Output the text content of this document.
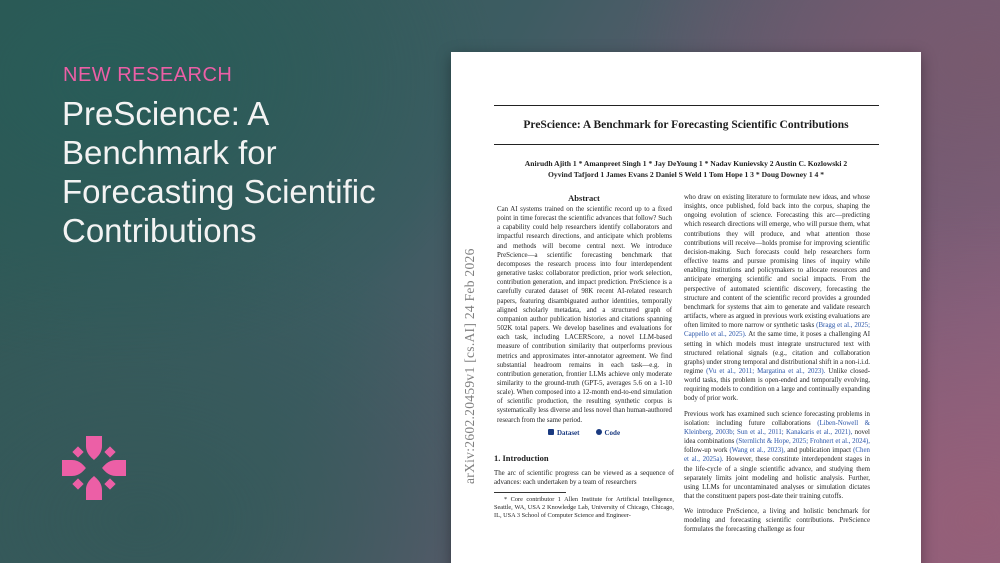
NEW RESEARCH
PreScience: A Benchmark for Forecasting Scientific Contributions
PreScience: A Benchmark for Forecasting Scientific Contributions
Anirudh Ajith 1 * Amanpreet Singh 1 * Jay DeYoung 1 * Nadav Kunievsky 2 Austin C. Kozlowski 2
Oyvind Tafjord 1 James Evans 2 Daniel S Weld 1 Tom Hope 1 3 * Doug Downey 1 4 *
arXiv:2602.20459v1 [cs.AI] 24 Feb 2026
Abstract
Can AI systems trained on the scientific record up to a fixed point in time forecast the scientific advances that follow? Such a capability could help researchers identify collaborators and impactful research directions, and anticipate which problems and methods will become central next. We introduce PreScience—a scientific forecasting benchmark that decomposes the research process into four interdependent generative tasks: collaborator prediction, prior work selection, contribution generation, and impact prediction. PreScience is a carefully curated dataset of 98K recent AI-related research papers, featuring disambiguated author identities, temporally aligned scholarly metadata, and a structured graph of companion author publication histories and citations spanning 502K total papers. We develop baselines and evaluations for each task, including LACERScore, a novel LLM-based measure of contribution similarity that outperforms previous metrics and approximates inter-annotator agreement. We find substantial headroom remains in each task—e.g. in contribution generation, frontier LLMs achieve only moderate similarity to the ground-truth (GPT-5, averages 5.6 on a 1-10 scale). When composed into a 12-month end-to-end simulation of scientific production, the resulting synthetic corpus is systematically less diverse and less novel than human-authored research from the same period.
Dataset	Code
1. Introduction
The arc of scientific progress can be viewed as a sequence of advances: each undertaken by a team of researchers
* Core contributor 1 Allen Institute for Artificial Intelligence, Seattle, WA, USA 2 Knowledge Lab, University of Chicago, Chicago, IL, USA 3 School of Computer Science and Engineer-

who draw on existing literature to formulate new ideas, and whose insights, once published, fold back into the corpus, shaping the ongoing evolution of science. Forecasting this arc—predicting which research directions will emerge, who will pursue them, what contributions they will produce, and what attention those contributions will receive—holds promise for improving scientific decision-making. Such forecasts could help researchers form effective teams and pursue promising lines of inquiry while enabling institutions and policymakers to allocate resources and anticipate emerging scientific and social impacts. From the perspective of automated scientific discovery, forecasting the structure and content of the scientific record provides a grounded benchmark for systems that aim to generate and validate research artifacts, where as argued in previous work existing evaluations are often limited to more narrow or synthetic tasks (Bragg et al., 2025; Cappello et al., 2025). At the same time, it poses a challenging AI setting in which models must integrate unstructured text with structured relational signals (e.g., citation and collaboration graphs) under strong temporal and distributional shift in a non-i.i.d. regime (Vu et al., 2011; Margatina et al., 2023). Unlike closed-world tasks, this problem is open-ended and temporally evolving, requiring models to condition on a large and continually expanding body of prior work.

Previous work has examined such science forecasting problems in isolation: including future collaborations (Liben-Nowell & Kleinberg, 2003b; Sun et al., 2011; Kanakaris et al., 2021), novel idea combinations (Sternlicht & Hope, 2025; Frohnert et al., 2024), follow-up work (Wang et al., 2023), and publication impact (Chen et al., 2025a). However, these constitute interdependent stages in the life-cycle of a single scientific advance, and studying them separately limits joint modeling and holistic analysis. Further, using LLMs for uncontaminated analyses or simulation dictates that the constituent papers post-date their training cutoffs.

We introduce PreScience, a living and holistic benchmark for modeling and forecasting scientific contributions. PreScience formulates the forecasting challenge as four
